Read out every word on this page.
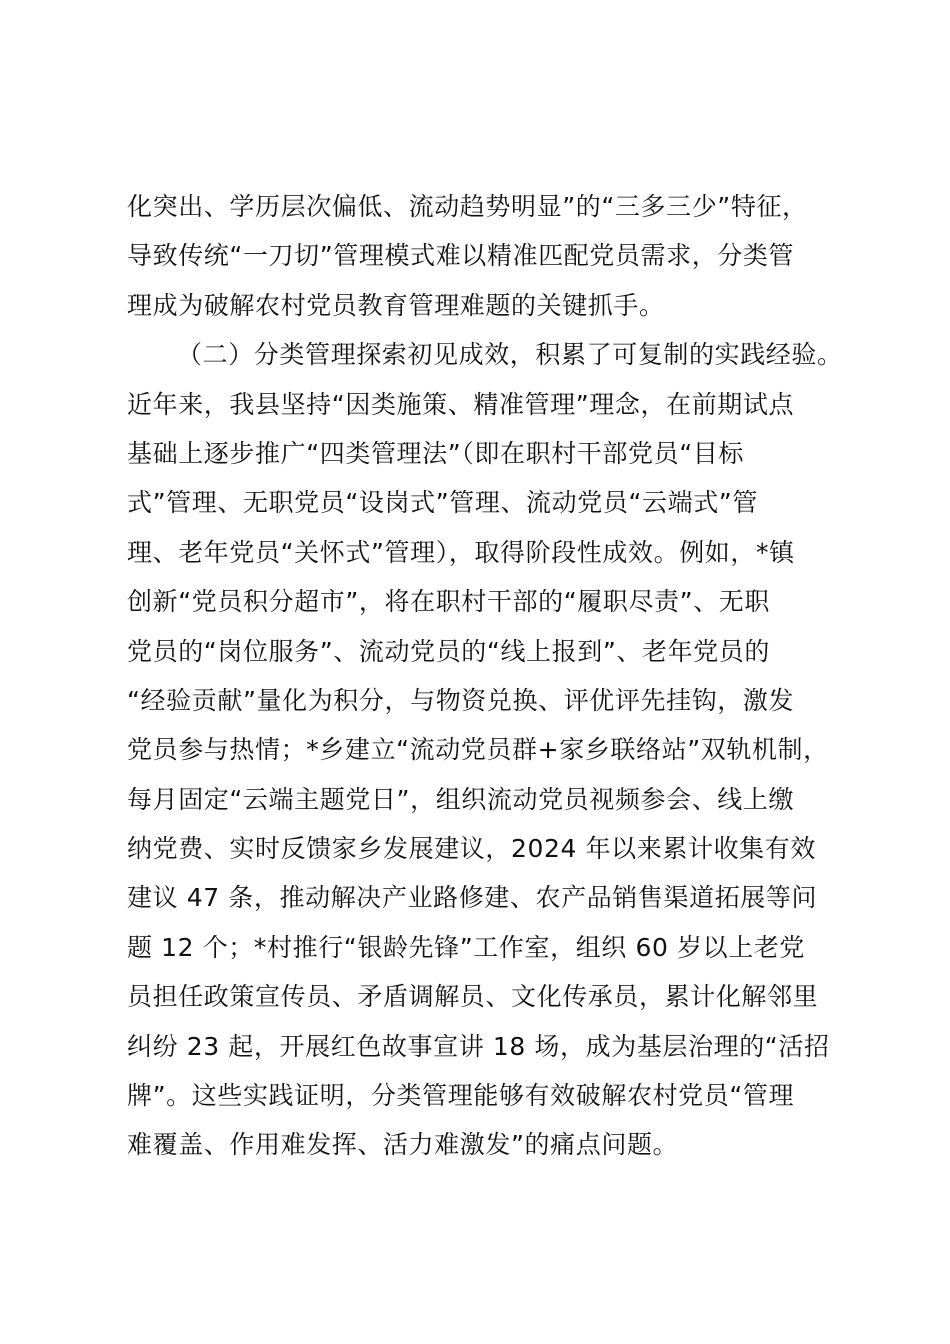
化突出、学历层次偏低、流动趋势明显”的“三多三少”特征，
导致传统“一刀切”管理模式难以精准匹配党员需求，分类管
理成为破解农村党员教育管理难题的关键抓手。
（二）分类管理探索初见成效，积累了可复制的实践经验。
近年来，我县坚持“因类施策、精准管理”理念，在前期试点
基础上逐步推广“四类管理法”（即在职村干部党员“目标
式”管理、无职党员“设岗式”管理、流动党员“云端式”管
理、老年党员“关怀式”管理），取得阶段性成效。例如，*镇
创新“党员积分超市”，将在职村干部的“履职尽责”、无职
党员的“岗位服务”、流动党员的“线上报到”、老年党员的
“经验贡献”量化为积分，与物资兑换、评优评先挂钩，激发
党员参与热情；*乡建立“流动党员群+家乡联络站”双轨机制，
每月固定“云端主题党日”，组织流动党员视频参会、线上缴
纳党费、实时反馈家乡发展建议，2024 年以来累计收集有效
建议 47 条，推动解决产业路修建、农产品销售渠道拓展等问
题 12 个；*村推行“银龄先锋”工作室，组织 60 岁以上老党
员担任政策宣传员、矛盾调解员、文化传承员，累计化解邻里
纠纷 23 起，开展红色故事宣讲 18 场，成为基层治理的“活招
牌”。这些实践证明，分类管理能够有效破解农村党员“管理
难覆盖、作用难发挥、活力难激发”的痛点问题。
